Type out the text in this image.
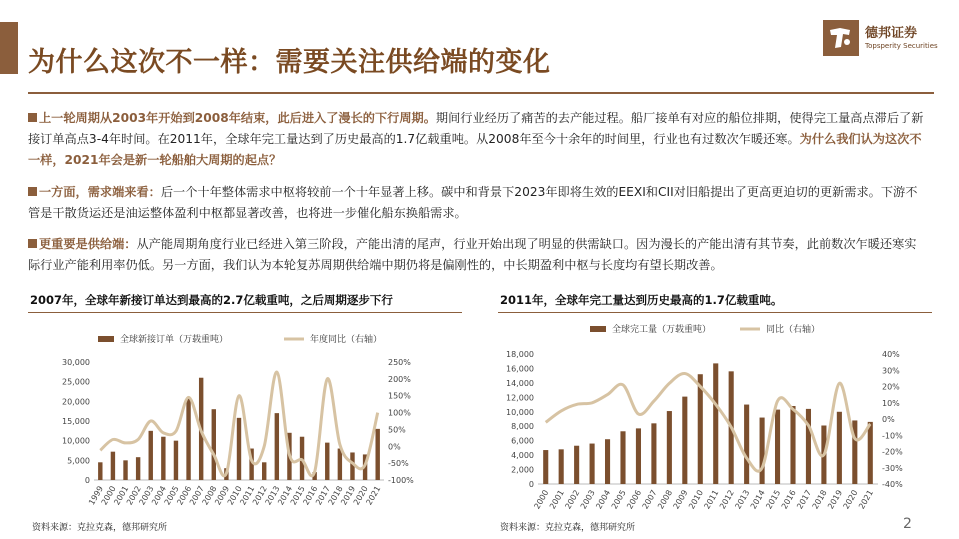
为什么这次不一样：需要关注供给端的变化
德邦证券
Topsperity Securities
上一轮周期从2003年开始到2008年结束，此后进入了漫长的下行周期。期间行业经历了痛苦的去产能过程。船厂接单有对应的船位排期，使得完工量高点滞后了新接订单高点3-4年时间。在2011年，全球年完工量达到了历史最高的1.7亿载重吨。从2008年至今十余年的时间里，行业也有过数次乍暖还寒。为什么我们认为这次不一样，2021年会是新一轮船舶大周期的起点？
一方面，需求端来看：后一个十年整体需求中枢将较前一个十年显著上移。碳中和背景下2023年即将生效的EEXI和CII对旧船提出了更高更迫切的更新需求。下游不管是干散货运还是油运整体盈利中枢都显著改善，也将进一步催化船东换船需求。
更重要是供给端：从产能周期角度行业已经进入第三阶段，产能出清的尾声，行业开始出现了明显的供需缺口。因为漫长的产能出清有其节奏，此前数次乍暖还寒实际行业产能利用率仍低。另一方面，我们认为本轮复苏周期供给端中期仍将是偏刚性的，中长期盈利中枢与长度均有望长期改善。
2007年，全球年新接订单达到最高的2.7亿载重吨，之后周期逐步下行
全球新接订单（万载重吨）	年度同比（右轴）
0
5,000
10,000
15,000
20,000
25,000
30,000
-100%
-50%
0%
50%
100%
150%
200%
250%
1999
2000
2001
2002
2003
2004
2005
2006
2007
2008
2009
2010
2011
2012
2013
2014
2015
2016
2017
2018
2019
2020
2021
资料来源：克拉克森，德邦研究所
2011年，全球年完工量达到历史最高的1.7亿载重吨。
全球完工量（万载重吨）	同比（右轴）
0
2,000
4,000
6,000
8,000
10,000
12,000
14,000
16,000
18,000
-40%
-30%
-20%
-10%
0%
10%
20%
30%
40%
2000
2001
2002
2003
2004
2005
2006
2007
2008
2009
2010
2011
2012
2013
2014
2015
2016
2017
2018
2019
2020
2021
资料来源：克拉克森，德邦研究所	2
